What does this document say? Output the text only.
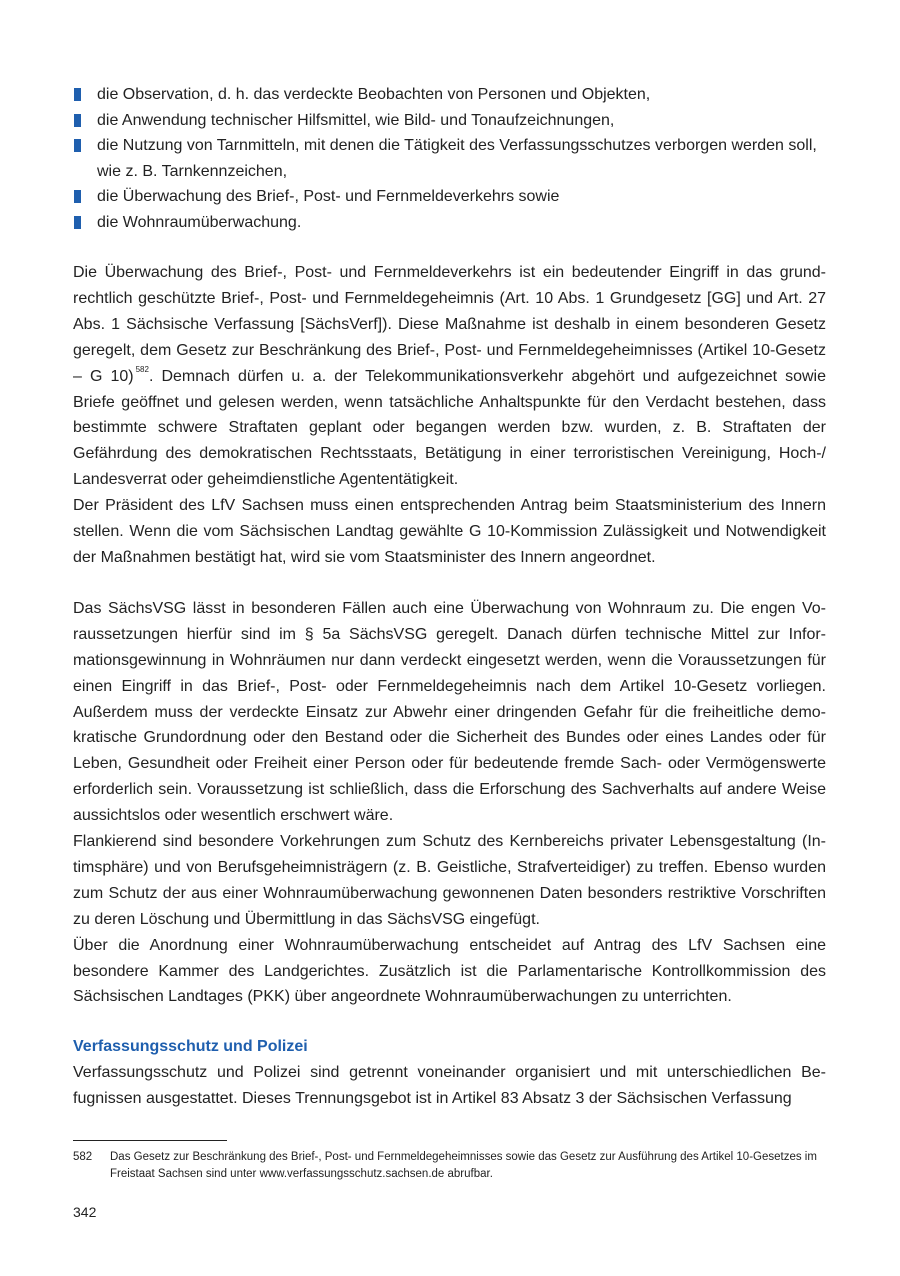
die Observation, d. h. das verdeckte Beobachten von Personen und Objekten,
die Anwendung technischer Hilfsmittel, wie Bild- und Tonaufzeichnungen,
die Nutzung von Tarnmitteln, mit denen die Tätigkeit des Verfassungsschutzes verborgen werden soll, wie z. B. Tarnkennzeichen,
die Überwachung des Brief-, Post- und Fernmeldeverkehrs sowie
die Wohnraumüberwachung.

Die Überwachung des Brief-, Post- und Fernmeldeverkehrs ist ein bedeutender Eingriff in das grundrechtlich geschützte Brief-, Post- und Fernmeldegeheimnis (Art. 10 Abs. 1 Grundgesetz [GG] und Art. 27 Abs. 1 Sächsische Verfassung [SächsVerf]). Diese Maßnahme ist deshalb in einem besonderen Gesetz geregelt, dem Gesetz zur Beschränkung des Brief-, Post- und Fernmeldegeheimnisses (Artikel 10-Gesetz – G 10) $^{582}$. Demnach dürfen u. a. der Telekommunikationsverkehr abgehört und aufgezeichnet sowie Briefe geöffnet und gelesen werden, wenn tatsächliche Anhaltspunkte für den Verdacht bestehen, dass bestimmte schwere Straftaten geplant oder begangen werden bzw. wurden, z. B. Straftaten der Gefährdung des demokratischen Rechtsstaats, Betätigung in einer terroristischen Vereinigung, Hoch-/ Landesverrat oder geheimdienstliche Agententätigkeit.

Der Präsident des LfV Sachsen muss einen entsprechenden Antrag beim Staatsministerium des Innern stellen. Wenn die vom Sächsischen Landtag gewählte G 10-Kommission Zulässigkeit und Notwendigkeit der Maßnahmen bestätigt hat, wird sie vom Staatsminister des Innern angeordnet.

Das SächsVSG lässt in besonderen Fällen auch eine Überwachung von Wohnraum zu. Die engen Voraussetzungen hierfür sind im § 5a SächsVSG geregelt. Danach dürfen technische Mittel zur Informationsgewinnung in Wohnräumen nur dann verdeckt eingesetzt werden, wenn die Voraussetzungen für einen Eingriff in das Brief-, Post- oder Fernmeldegeheimnis nach dem Artikel 10-Gesetz vorliegen. Außerdem muss der verdeckte Einsatz zur Abwehr einer dringenden Gefahr für die freiheitliche demokratische Grundordnung oder den Bestand oder die Sicherheit des Bundes oder eines Landes oder für Leben, Gesundheit oder Freiheit einer Person oder für bedeutende fremde Sach- oder Vermögenswerte erforderlich sein. Voraussetzung ist schließlich, dass die Erforschung des Sachverhalts auf andere Weise aussichtslos oder wesentlich erschwert wäre.

Flankierend sind besondere Vorkehrungen zum Schutz des Kernbereichs privater Lebensgestaltung (Intimsphäre) und von Berufsgeheimnisträgern (z. B. Geistliche, Strafverteidiger) zu treffen. Ebenso wurden zum Schutz der aus einer Wohnraumüberwachung gewonnenen Daten besonders restriktive Vorschriften zu deren Löschung und Übermittlung in das SächsVSG eingefügt.

Über die Anordnung einer Wohnraumüberwachung entscheidet auf Antrag des LfV Sachsen eine besondere Kammer des Landgerichtes. Zusätzlich ist die Parlamentarische Kontrollkommission des Sächsischen Landtages (PKK) über angeordnete Wohnraumüberwachungen zu unterrichten.

Verfassungsschutz und Polizei

Verfassungsschutz und Polizei sind getrennt voneinander organisiert und mit unterschiedlichen Befugnissen ausgestattet. Dieses Trennungsgebot ist in Artikel 83 Absatz 3 der Sächsischen Verfassung

582 Das Gesetz zur Beschränkung des Brief-, Post- und Fernmeldegeheimnisses sowie das Gesetz zur Ausführung des Artikel 10-Gesetzes im Freistaat Sachsen sind unter www.verfassungsschutz.sachsen.de abrufbar.
342
